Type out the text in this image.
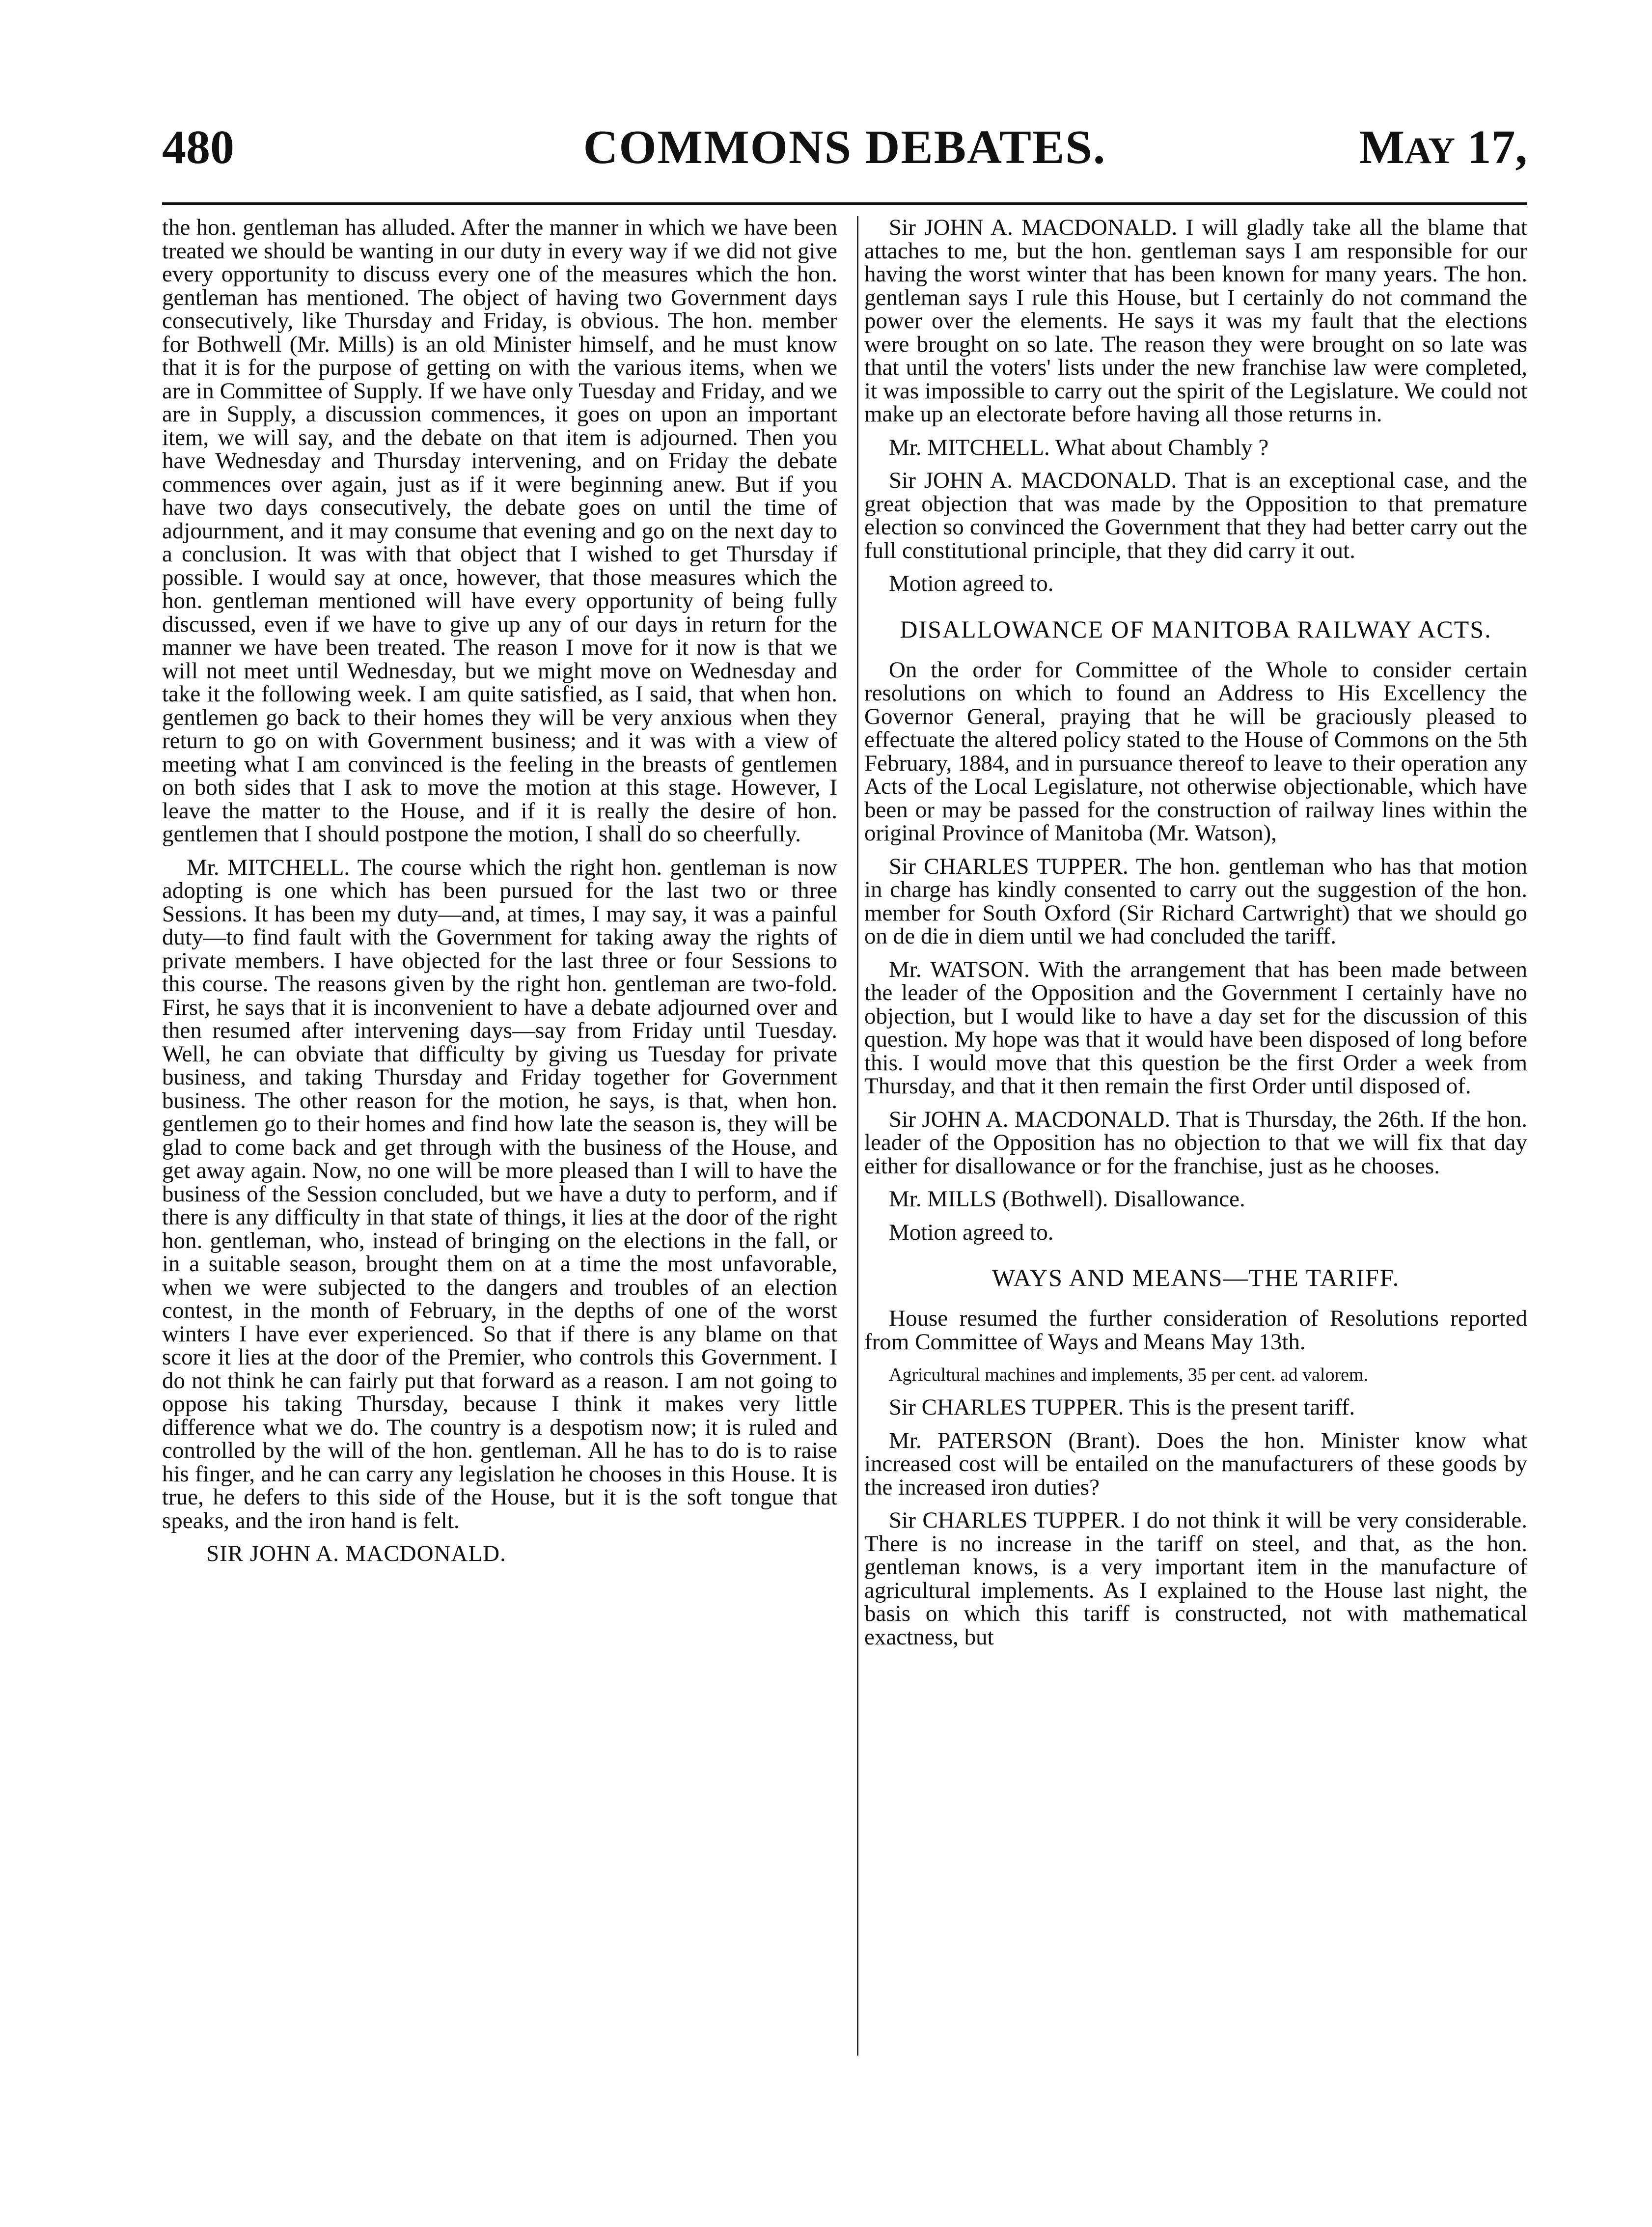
480	COMMONS DEBATES.	MAY 17,

the hon. gentleman has alluded. After the manner in which we have been treated we should be wanting in our duty in every way if we did not give every opportunity to discuss every one of the measures which the hon. gentleman has mentioned. The object of having two Government days consecutively, like Thursday and Friday, is obvious. The hon. member for Bothwell (Mr. Mills) is an old Minister himself, and he must know that it is for the purpose of getting on with the various items, when we are in Committee of Supply. If we have only Tuesday and Friday, and we are in Supply, a discussion commences, it goes on upon an important item, we will say, and the debate on that item is adjourned. Then you have Wednesday and Thursday intervening, and on Friday the debate commences over again, just as if it were beginning anew. But if you have two days consecutively, the debate goes on until the time of adjournment, and it may consume that evening and go on the next day to a conclusion. It was with that object that I wished to get Thursday if possible. I would say at once, however, that those measures which the hon. gentleman mentioned will have every opportunity of being fully discussed, even if we have to give up any of our days in return for the manner we have been treated. The reason I move for it now is that we will not meet until Wednesday, but we might move on Wednesday and take it the following week. I am quite satisfied, as I said, that when hon. gentlemen go back to their homes they will be very anxious when they return to go on with Government business; and it was with a view of meeting what I am convinced is the feeling in the breasts of gentlemen on both sides that I ask to move the motion at this stage. However, I leave the matter to the House, and if it is really the desire of hon. gentlemen that I should postpone the motion, I shall do so cheerfully.

Mr. MITCHELL. The course which the right hon. gentleman is now adopting is one which has been pursued for the last two or three Sessions. It has been my duty—and, at times, I may say, it was a painful duty—to find fault with the Government for taking away the rights of private members. I have objected for the last three or four Sessions to this course. The reasons given by the right hon. gentleman are two-fold. First, he says that it is inconvenient to have a debate adjourned over and then resumed after intervening days—say from Friday until Tuesday. Well, he can obviate that difficulty by giving us Tuesday for private business, and taking Thursday and Friday together for Government business. The other reason for the motion, he says, is that, when hon. gentlemen go to their homes and find how late the season is, they will be glad to come back and get through with the business of the House, and get away again. Now, no one will be more pleased than I will to have the business of the Session concluded, but we have a duty to perform, and if there is any difficulty in that state of things, it lies at the door of the right hon. gentleman, who, instead of bringing on the elections in the fall, or in a suitable season, brought them on at a time the most unfavorable, when we were subjected to the dangers and troubles of an election contest, in the month of February, in the depths of one of the worst winters I have ever experienced. So that if there is any blame on that score it lies at the door of the Premier, who controls this Government. I do not think he can fairly put that forward as a reason. I am not going to oppose his taking Thursday, because I think it makes very little difference what we do. The country is a despotism now; it is ruled and controlled by the will of the hon. gentleman. All he has to do is to raise his finger, and he can carry any legislation he chooses in this House. It is true, he defers to this side of the House, but it is the soft tongue that speaks, and the iron hand is felt.

SIR JOHN A. MACDONALD.

Sir JOHN A. MACDONALD. I will gladly take all the blame that attaches to me, but the hon. gentleman says I am responsible for our having the worst winter that has been known for many years. The hon. gentleman says I rule this House, but I certainly do not command the power over the elements. He says it was my fault that the elections were brought on so late. The reason they were brought on so late was that until the voters' lists under the new franchise law were completed, it was impossible to carry out the spirit of the Legislature. We could not make up an electorate before having all those returns in.

Mr. MITCHELL. What about Chambly ?

Sir JOHN A. MACDONALD. That is an exceptional case, and the great objection that was made by the Opposition to that premature election so convinced the Government that they had better carry out the full constitutional principle, that they did carry it out.

Motion agreed to.

DISALLOWANCE OF MANITOBA RAILWAY ACTS.

On the order for Committee of the Whole to consider certain resolutions on which to found an Address to His Excellency the Governor General, praying that he will be graciously pleased to effectuate the altered policy stated to the House of Commons on the 5th February, 1884, and in pursuance thereof to leave to their operation any Acts of the Local Legislature, not otherwise objectionable, which have been or may be passed for the construction of railway lines within the original Province of Manitoba (Mr. Watson),

Sir CHARLES TUPPER. The hon. gentleman who has that motion in charge has kindly consented to carry out the suggestion of the hon. member for South Oxford (Sir Richard Cartwright) that we should go on de die in diem until we had concluded the tariff.

Mr. WATSON. With the arrangement that has been made between the leader of the Opposition and the Government I certainly have no objection, but I would like to have a day set for the discussion of this question. My hope was that it would have been disposed of long before this. I would move that this question be the first Order a week from Thursday, and that it then remain the first Order until disposed of.

Sir JOHN A. MACDONALD. That is Thursday, the 26th. If the hon. leader of the Opposition has no objection to that we will fix that day either for disallowance or for the franchise, just as he chooses.

Mr. MILLS (Bothwell). Disallowance.

Motion agreed to.

WAYS AND MEANS—THE TARIFF.

House resumed the further consideration of Resolutions reported from Committee of Ways and Means May 13th.

Agricultural machines and implements, 35 per cent. ad valorem.

Sir CHARLES TUPPER. This is the present tariff.

Mr. PATERSON (Brant). Does the hon. Minister know what increased cost will be entailed on the manufacturers of these goods by the increased iron duties?

Sir CHARLES TUPPER. I do not think it will be very considerable. There is no increase in the tariff on steel, and that, as the hon. gentleman knows, is a very important item in the manufacture of agricultural implements. As I explained to the House last night, the basis on which this tariff is constructed, not with mathematical exactness, but
